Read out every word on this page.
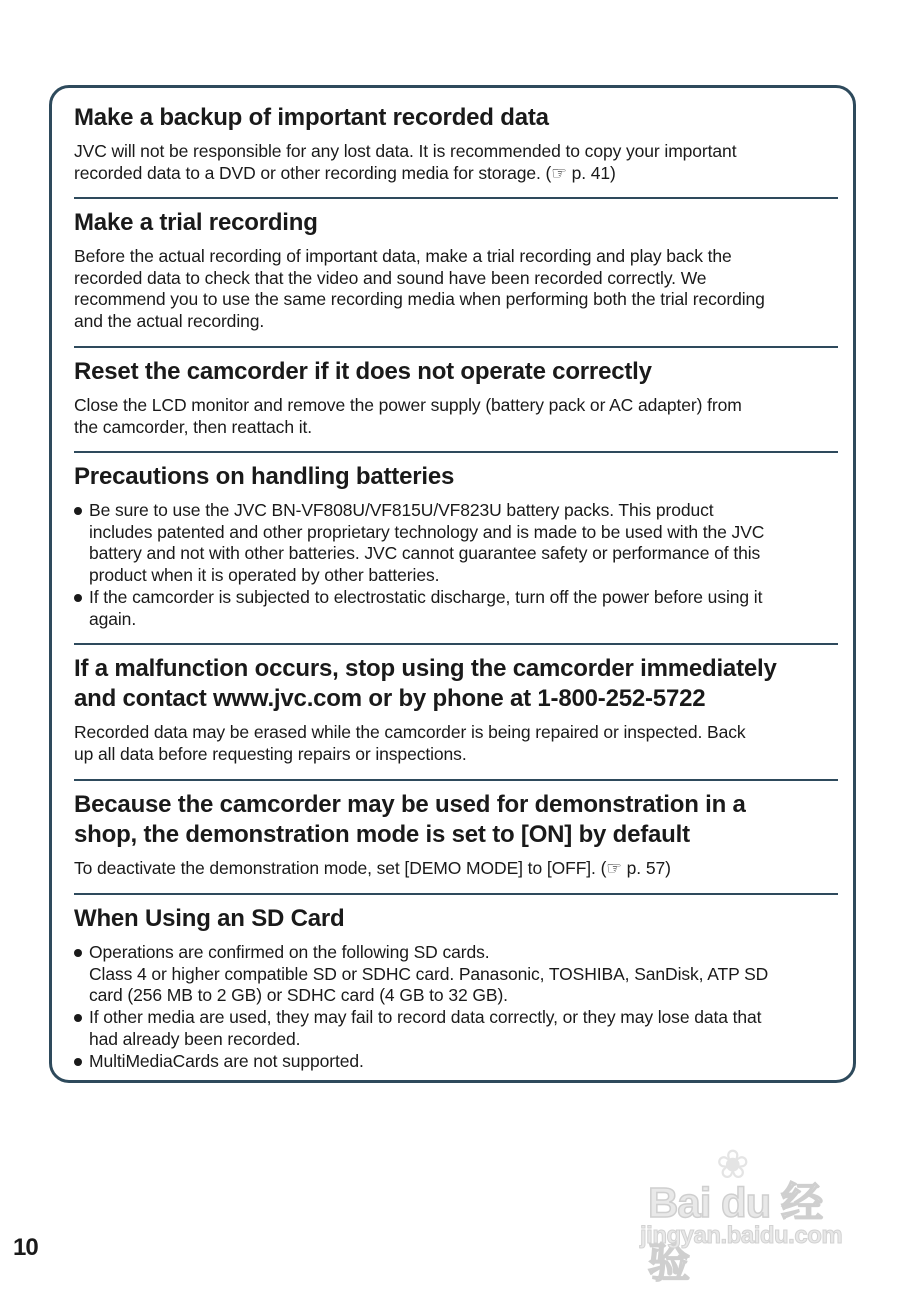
Make a backup of important recorded data

JVC will not be responsible for any lost data. It is recommended to copy your important
recorded data to a DVD or other recording media for storage. (☞ p. 41)

Make a trial recording

Before the actual recording of important data, make a trial recording and play back the
recorded data to check that the video and sound have been recorded correctly. We
recommend you to use the same recording media when performing both the trial recording
and the actual recording.

Reset the camcorder if it does not operate correctly

Close the LCD monitor and remove the power supply (battery pack or AC adapter) from
the camcorder, then reattach it.

Precautions on handling batteries
Be sure to use the JVC BN-VF808U/VF815U/VF823U battery packs. This product
includes patented and other proprietary technology and is made to be used with the JVC
battery and not with other batteries. JVC cannot guarantee safety or performance of this
product when it is operated by other batteries.
If the camcorder is subjected to electrostatic discharge, turn off the power before using it
again.
If a malfunction occurs, stop using the camcorder immediately
and contact www.jvc.com or by phone at 1-800-252-5722

Recorded data may be erased while the camcorder is being repaired or inspected. Back
up all data before requesting repairs or inspections.

Because the camcorder may be used for demonstration in a
shop, the demonstration mode is set to [ON] by default

To deactivate the demonstration mode, set [DEMO MODE] to [OFF]. (☞ p. 57)

When Using an SD Card
Operations are confirmed on the following SD cards.
Class 4 or higher compatible SD or SDHC card. Panasonic, TOSHIBA, SanDisk, ATP SD
card (256 MB to 2 GB) or SDHC card (4 GB to 32 GB).
If other media are used, they may fail to record data correctly, or they may lose data that
had already been recorded.
MultiMediaCards are not supported.
❀
Bai du 经验
jingyan.baidu.com
10
